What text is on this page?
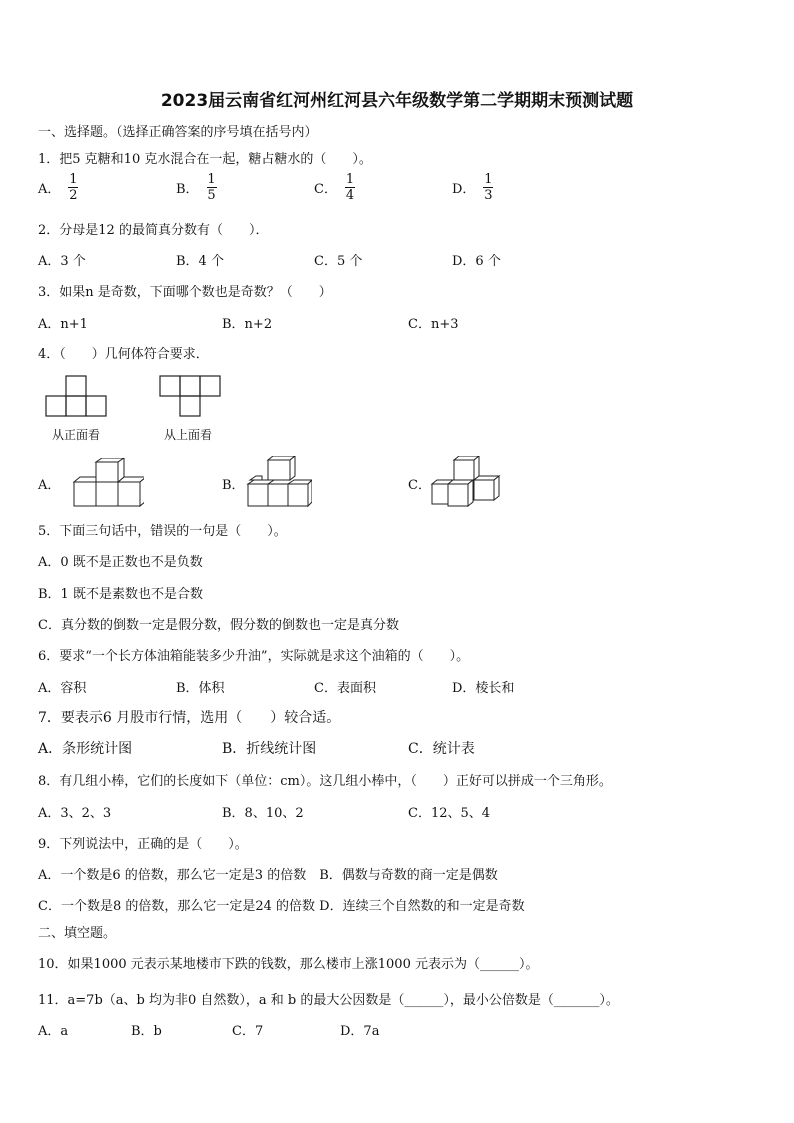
2023届云南省红河州红河县六年级数学第二学期期末预测试题
一、选择题。（选择正确答案的序号填在括号内）
1．把5 克糖和10 克水混合在一起，糖占糖水的（　　）。
A． $\frac{1}{2}$	B． $\frac{1}{5}$	C． $\frac{1}{4}$	D． $\frac{1}{3}$
2．分母是12 的最简真分数有（　　）．
A．3 个	B．4 个	C．5 个	D．6 个
3．如果n 是奇数，下面哪个数也是奇数？（　　）
A．n+1	B．n+2	C．n+3
4．（　　）几何体符合要求．
从正面看	从上面看
A．	B．	C．
5．下面三句话中，错误的一句是（　　）。
A．0 既不是正数也不是负数
B．1 既不是素数也不是合数
C．真分数的倒数一定是假分数，假分数的倒数也一定是真分数
6．要求“一个长方体油箱能装多少升油”，实际就是求这个油箱的（　　）。
A．容积	B．体积	C．表面积	D．棱长和
7．要表示6 月股市行情，选用（　　）较合适。
A．条形统计图	B．折线统计图	C．统计表
8．有几组小棒，它们的长度如下（单位：cm）。这几组小棒中，（　　）正好可以拼成一个三角形。
A．3、2、3	B．8、10、2	C．12、5、4
9．下列说法中，正确的是（　　）。
A．一个数是6 的倍数，那么它一定是3 的倍数　B．偶数与奇数的商一定是偶数
C．一个数是8 的倍数，那么它一定是24 的倍数 D．连续三个自然数的和一定是奇数
二、填空题。
10．如果1000 元表示某地楼市下跌的钱数，那么楼市上涨1000 元表示为（______）。
11．a=7b（a、b 均为非0 自然数），a 和 b 的最大公因数是（______），最小公倍数是（_______）。
A．a	B．b	C．7	D．7a
